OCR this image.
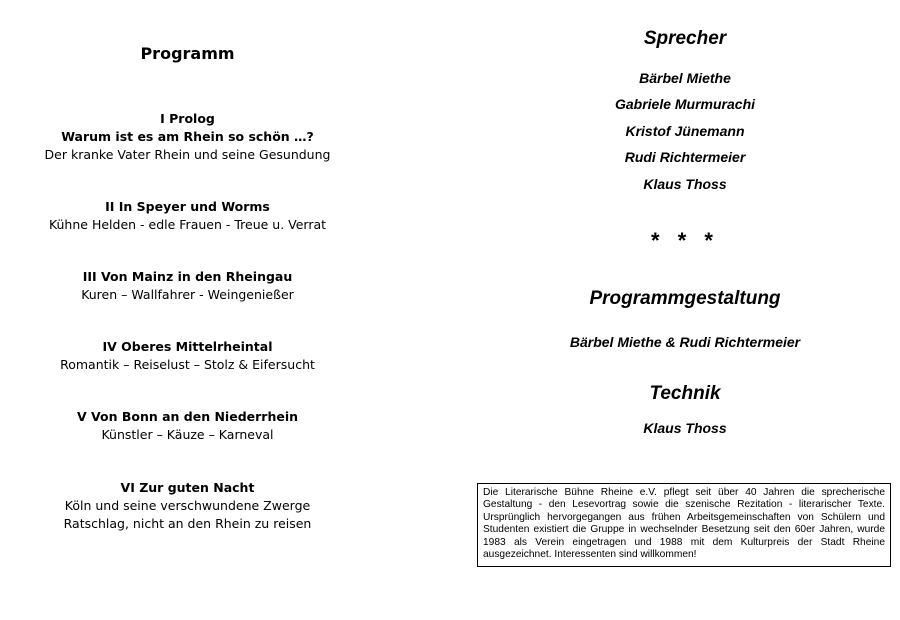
Programm
I Prolog
Warum ist es am Rhein so schön …?
Der kranke Vater Rhein und seine Gesundung
II In Speyer und Worms
Kühne Helden - edle Frauen - Treue u. Verrat
III Von Mainz in den Rheingau
Kuren – Wallfahrer - Weingenießer
IV Oberes Mittelrheintal
Romantik – Reiselust – Stolz & Eifersucht
V Von Bonn an den Niederrhein
Künstler – Käuze – Karneval
VI Zur guten Nacht
Köln und seine verschwundene Zwerge
Ratschlag, nicht an den Rhein zu reisen
Sprecher
Bärbel Miethe
Gabriele Murmurachi
Kristof Jünemann
Rudi Richtermeier
Klaus Thoss
* * *
Programmgestaltung
Bärbel Miethe & Rudi Richtermeier
Technik
Klaus Thoss
Die Literarische Bühne Rheine e.V. pflegt seit über 40 Jahren die sprecherische Gestaltung - den Lesevortrag sowie die szenische Rezitation - literarischer Texte. Ursprünglich hervorgegangen aus frühen Arbeitsgemeinschaften von Schülern und Studenten existiert die Gruppe in wechselnder Besetzung seit den 60er Jahren, wurde 1983 als Verein eingetragen und 1988 mit dem Kulturpreis der Stadt Rheine ausgezeichnet. Interessenten sind willkommen!
